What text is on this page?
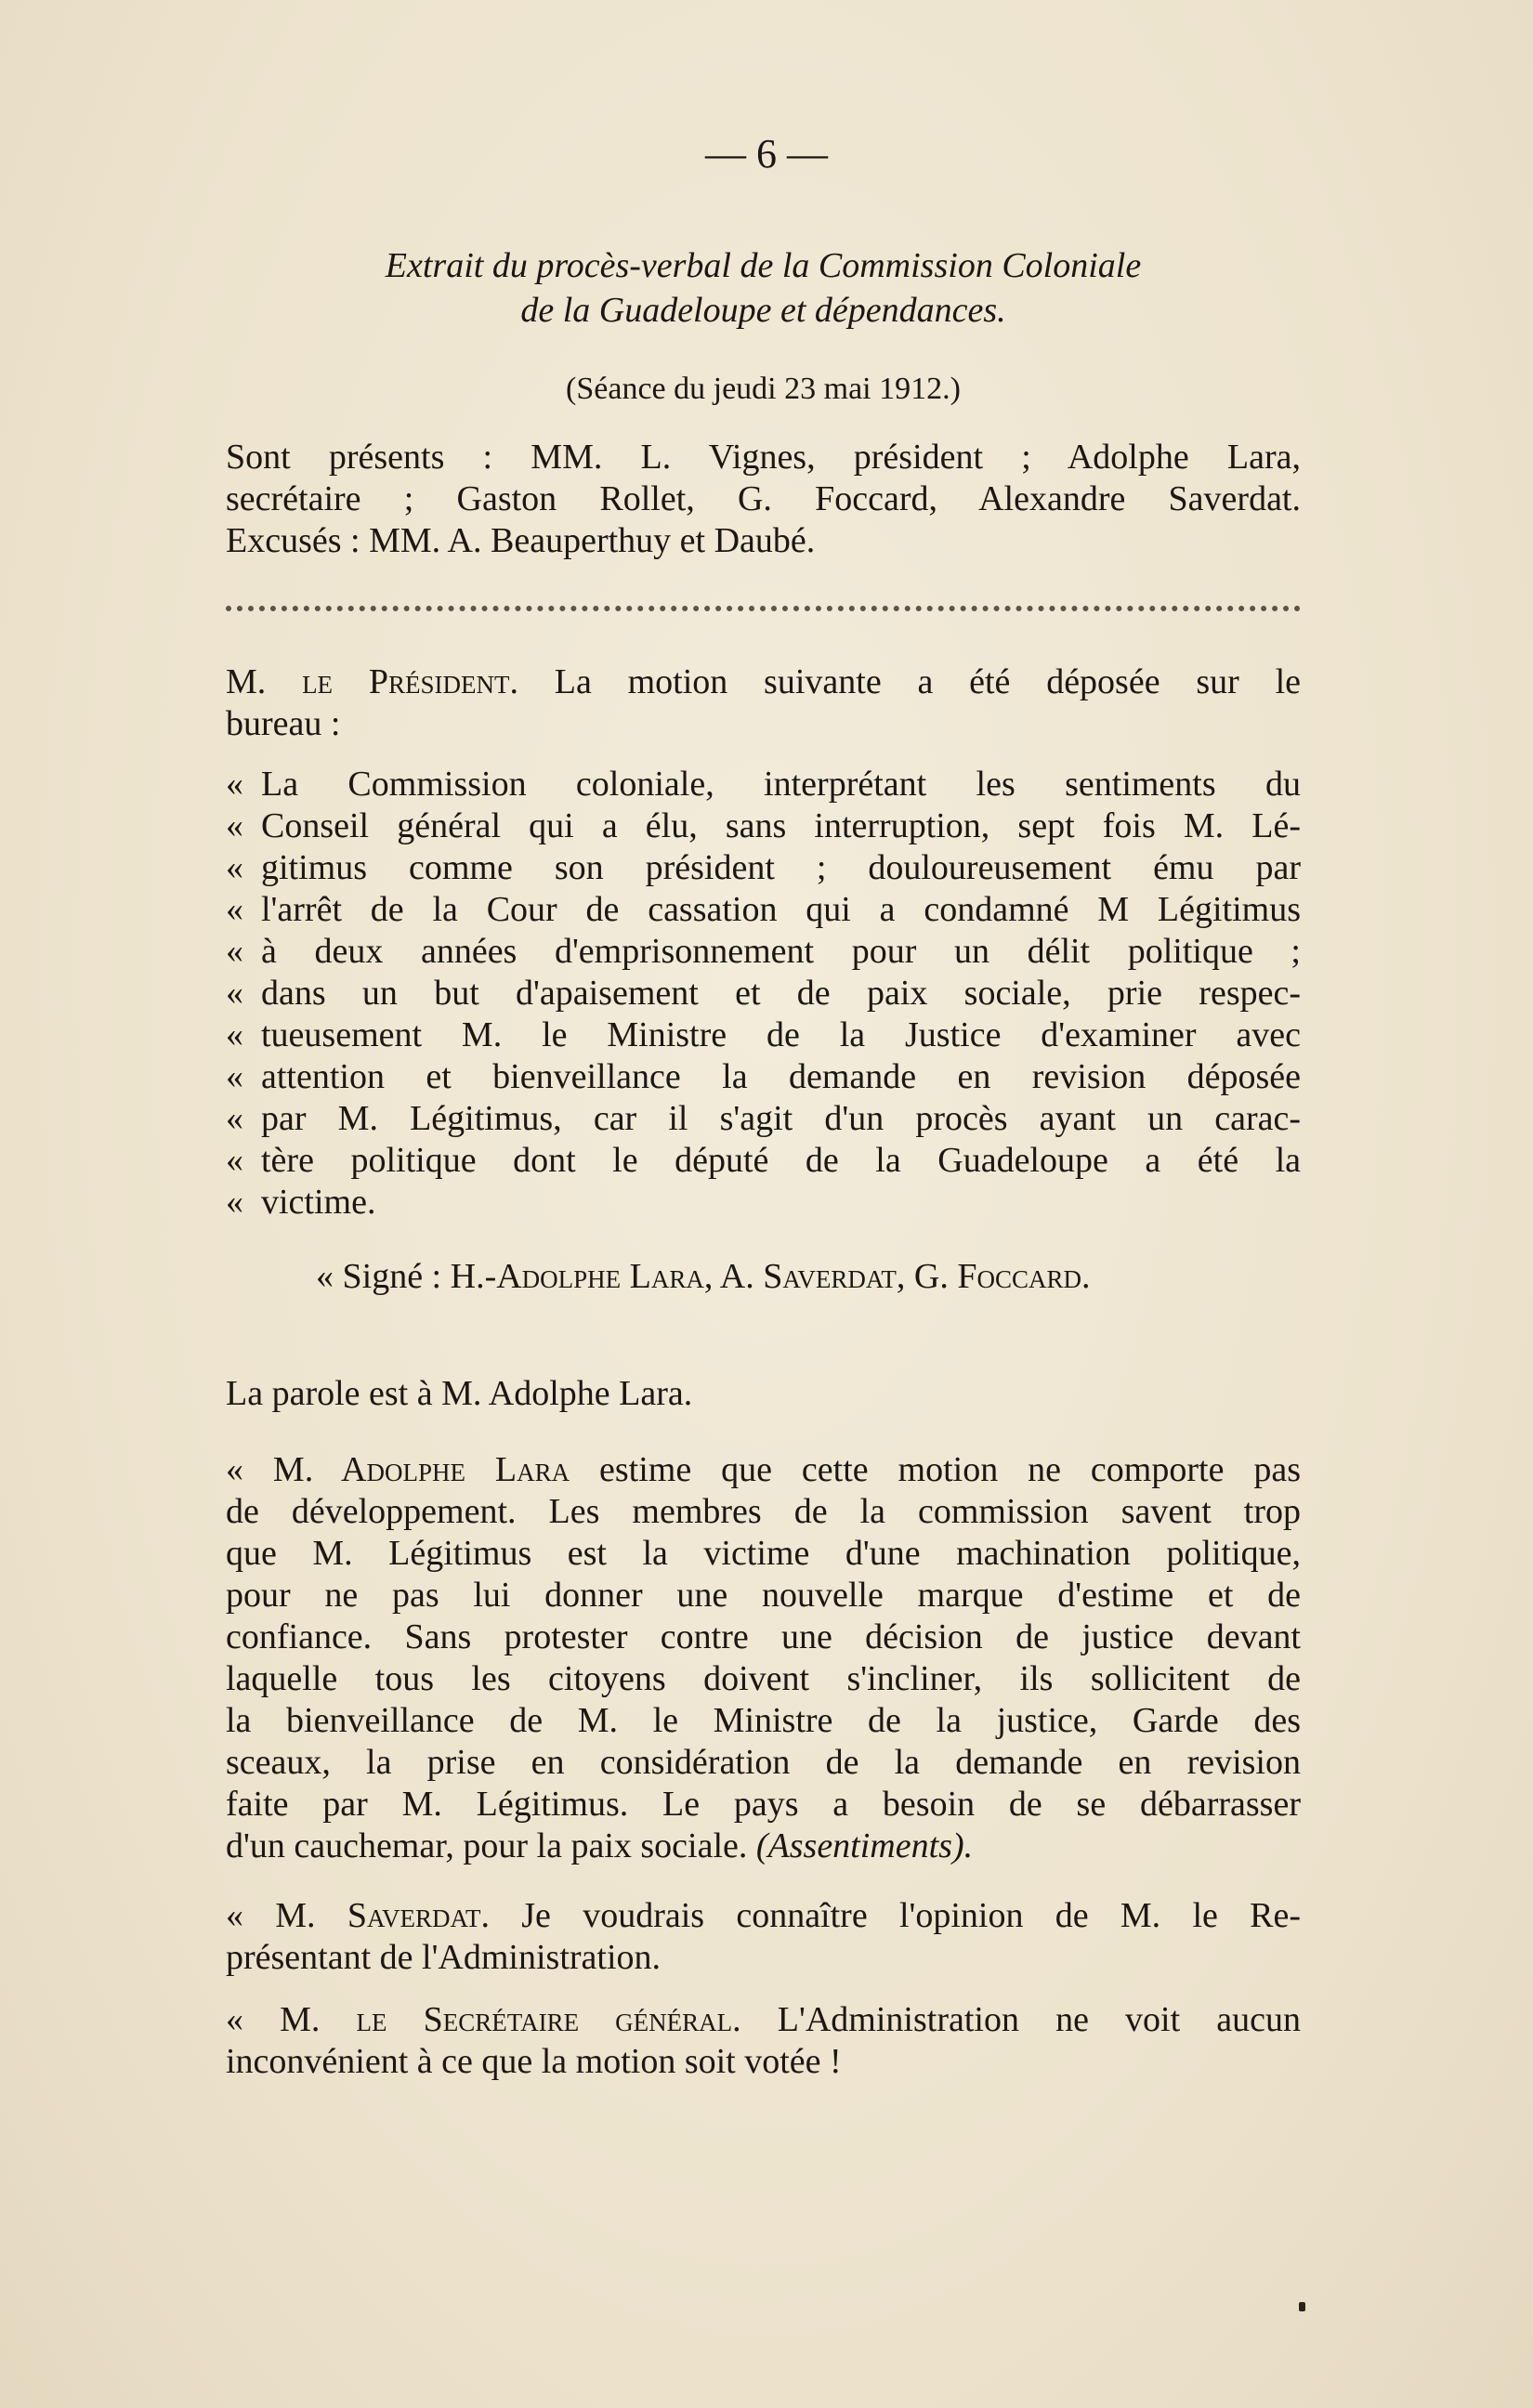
— 6 —
Extrait du procès-verbal de la Commission Coloniale
de la Guadeloupe et dépendances.
(Séance du jeudi 23 mai 1912.)
Sont présents : MM. L. Vignes, président ; Adolphe Lara,
secrétaire ; Gaston Rollet, G. Foccard, Alexandre Saverdat.
Excusés : MM. A. Beauperthuy et Daubé.
M. le Président. La motion suivante a été déposée sur le
bureau :
« La Commission coloniale, interprétant les sentiments du
« Conseil général qui a élu, sans interruption, sept fois M. Lé-
« gitimus comme son président ; douloureusement ému par
« l'arrêt de la Cour de cassation qui a condamné M Légitimus
« à deux années d'emprisonnement pour un délit politique ;
« dans un but d'apaisement et de paix sociale, prie respec-
« tueusement M. le Ministre de la Justice d'examiner avec
« attention et bienveillance la demande en revision déposée
« par M. Légitimus, car il s'agit d'un procès ayant un carac-
« tère politique dont le député de la Guadeloupe a été la
« victime.
« Signé : H.-Adolphe Lara, A. Saverdat, G. Foccard.
La parole est à M. Adolphe Lara.
« M. Adolphe Lara estime que cette motion ne comporte pas
de développement. Les membres de la commission savent trop
que M. Légitimus est la victime d'une machination politique,
pour ne pas lui donner une nouvelle marque d'estime et de
confiance. Sans protester contre une décision de justice devant
laquelle tous les citoyens doivent s'incliner, ils sollicitent de
la bienveillance de M. le Ministre de la justice, Garde des
sceaux, la prise en considération de la demande en revision
faite par M. Légitimus. Le pays a besoin de se débarrasser
d'un cauchemar, pour la paix sociale. (Assentiments).
« M. Saverdat. Je voudrais connaître l'opinion de M. le Re-
présentant de l'Administration.
« M. le Secrétaire général. L'Administration ne voit aucun
inconvénient à ce que la motion soit votée !
